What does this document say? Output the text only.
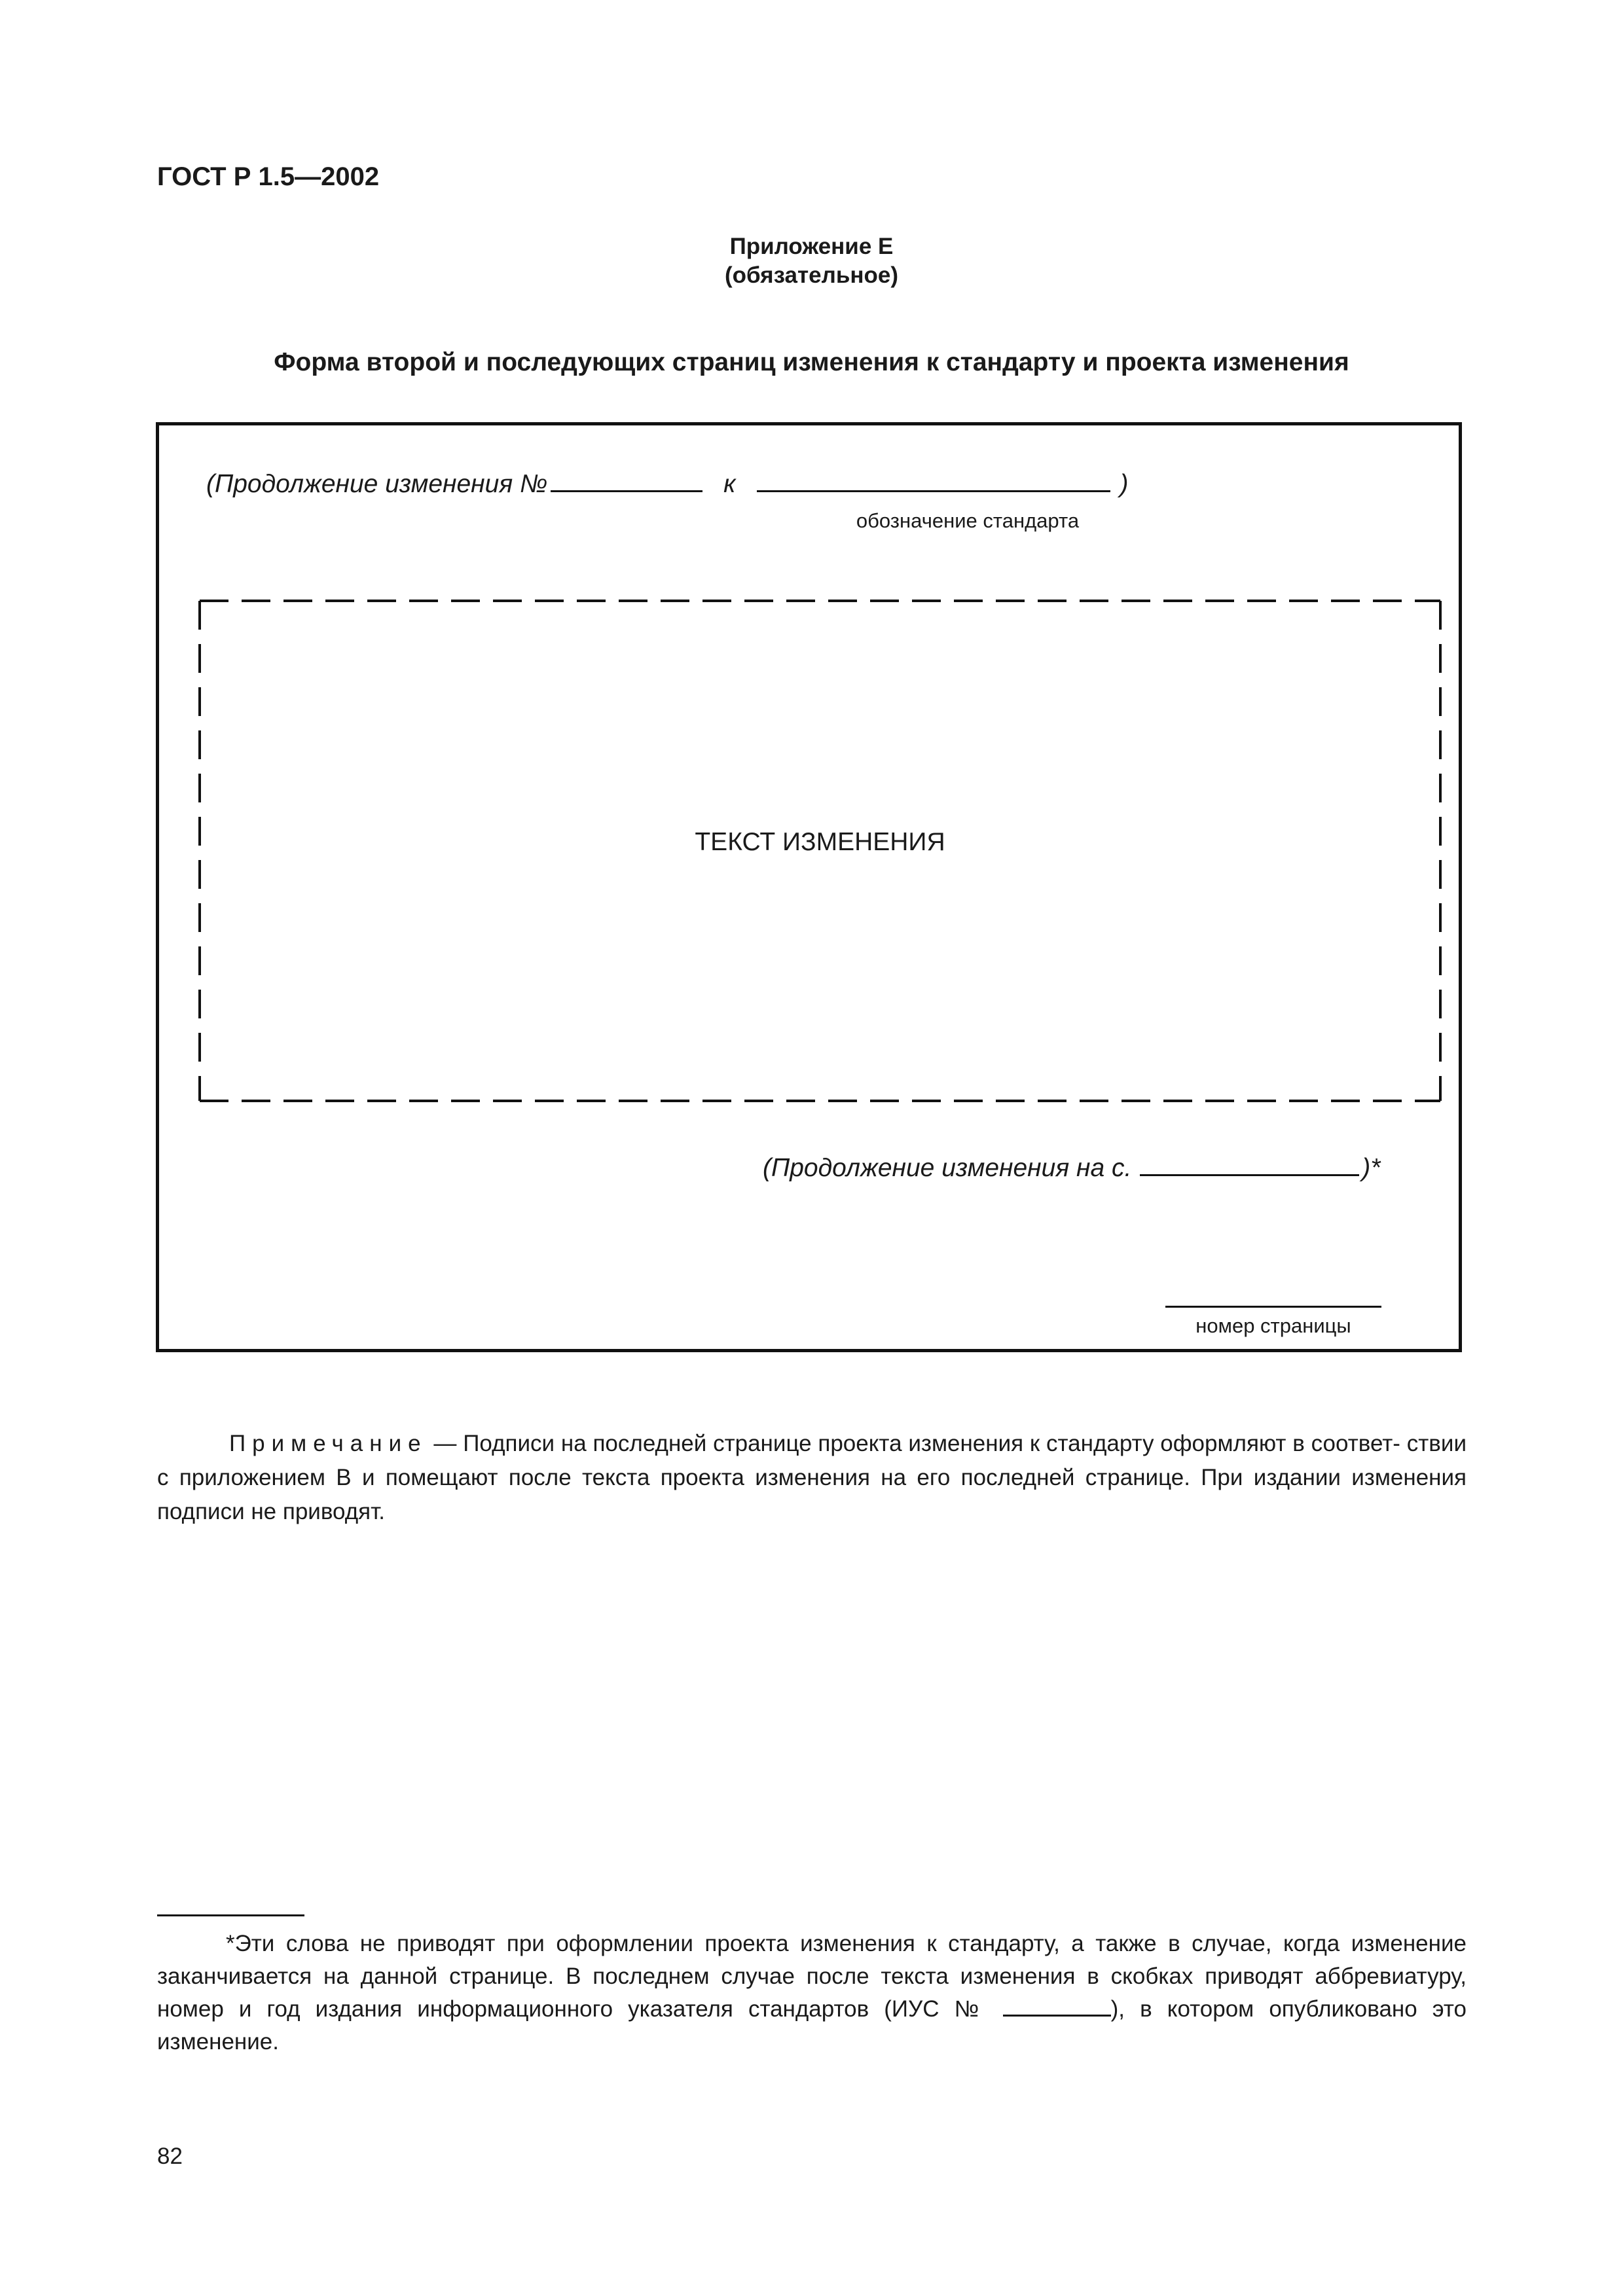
ГОСТ Р 1.5—2002
Приложение Е
(обязательное)
Форма второй и последующих страниц изменения к стандарту и проекта изменения
(Продолжение изменения №	к	)
обозначение стандарта
ТЕКСТ ИЗМЕНЕНИЯ
(Продолжение изменения на с.	)*
номер страницы
Примечание — Подписи на последней странице проекта изменения к стандарту оформляют в соответ- ствии с приложением В и помещают после текста проекта изменения на его последней странице. При издании изменения подписи не приводят.
*Эти слова не приводят при оформлении проекта изменения к стандарту, а также в случае, когда изменение заканчивается на данной странице. В последнем случае после текста изменения в скобках приводят аббревиатуру, номер и год издания информационного указателя стандартов (ИУС №	), в котором опубликовано это изменение.
82
